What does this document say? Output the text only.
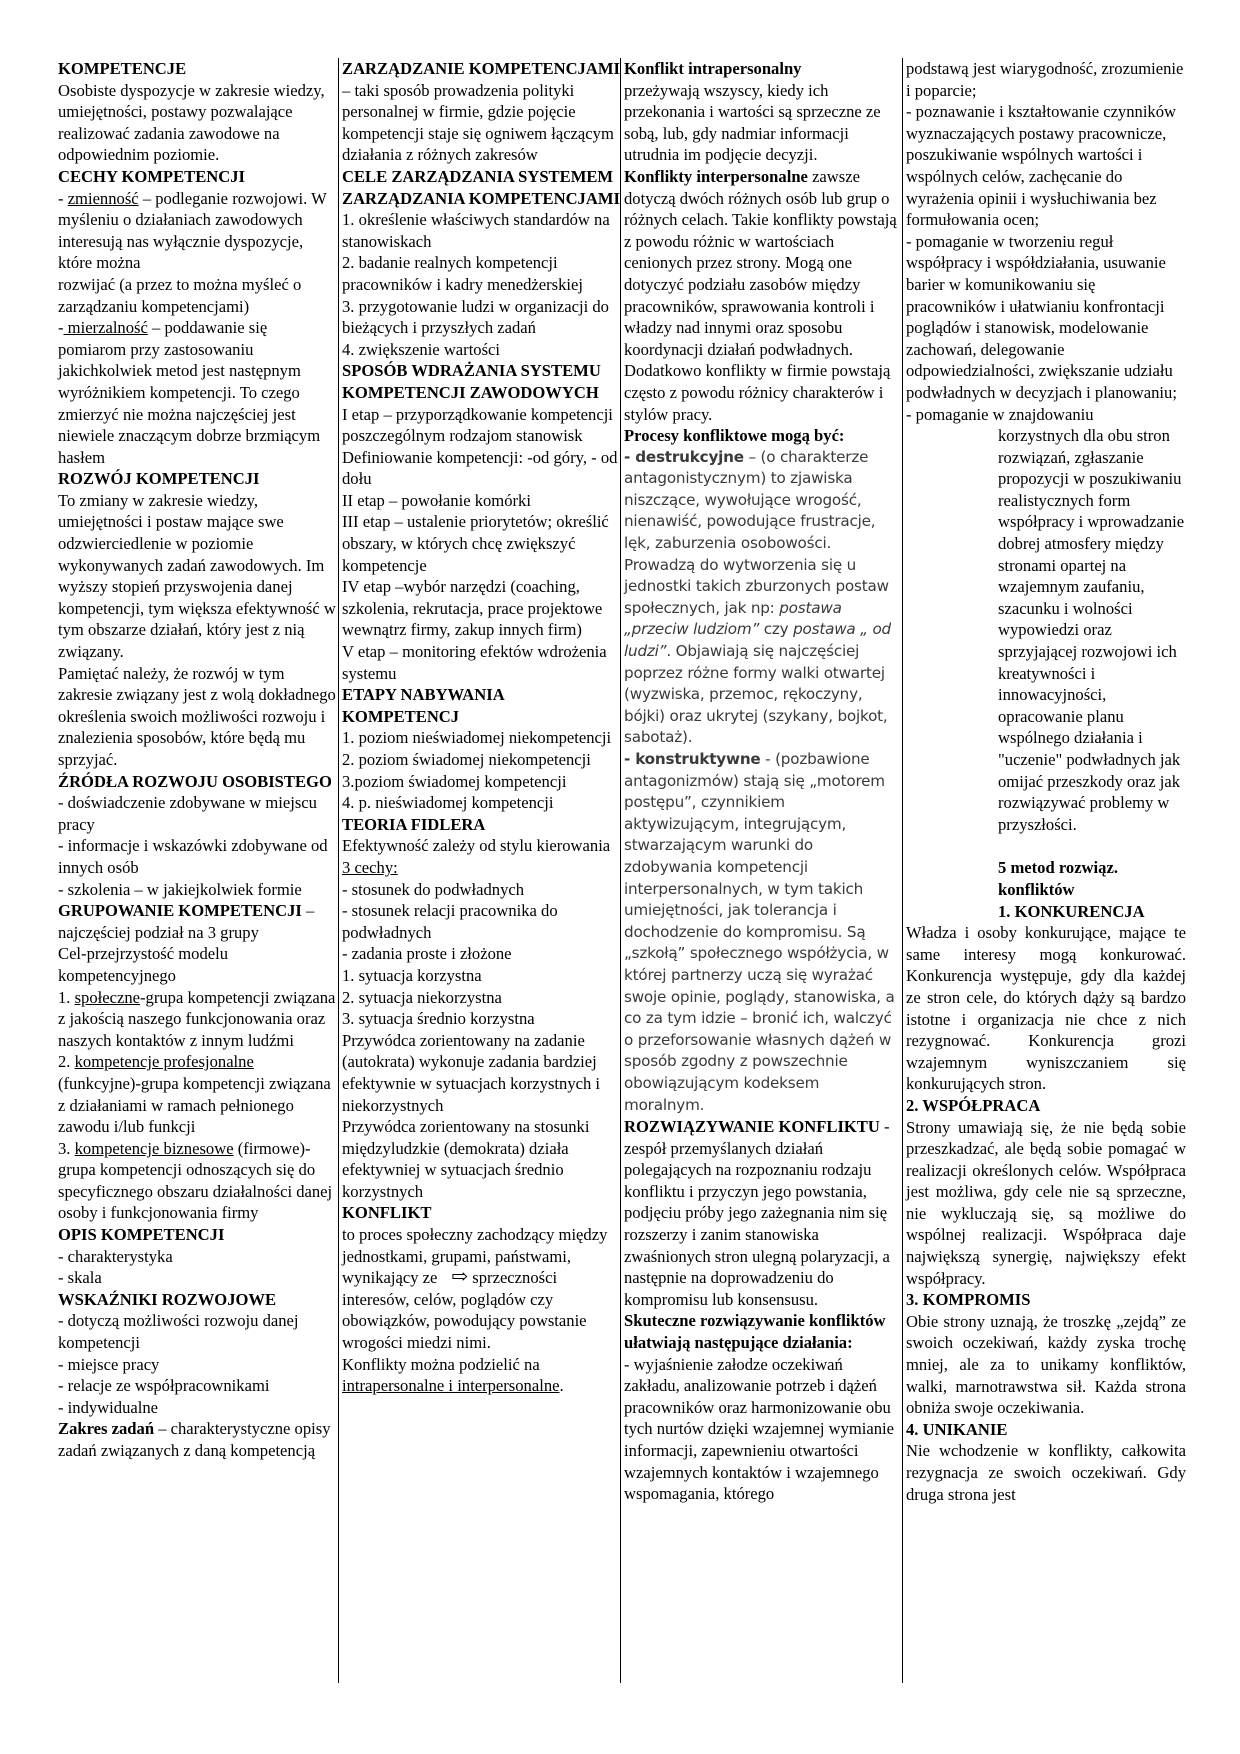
KOMPETENCJE
Osobiste dyspozycje w zakresie wiedzy, umiejętności, postawy pozwalające realizować zadania zawodowe na odpowiednim poziomie.
CECHY KOMPETENCJI
- zmienność – podleganie rozwojowi. W myśleniu o działaniach zawodowych interesują nas wyłącznie dyspozycje, które można
rozwijać (a przez to można myśleć o zarządzaniu kompetencjami)
- mierzalność – poddawanie się pomiarom przy zastosowaniu jakichkolwiek metod jest następnym wyróżnikiem kompetencji. To czego zmierzyć nie można najczęściej jest niewiele znaczącym dobrze brzmiącym hasłem
ROZWÓJ KOMPETENCJI
To zmiany w zakresie wiedzy, umiejętności i postaw mające swe odzwierciedlenie w poziomie wykonywanych zadań zawodowych. Im wyższy stopień przyswojenia danej kompetencji, tym większa efektywność w tym obszarze działań, który jest z nią związany.
Pamiętać należy, że rozwój w tym zakresie związany jest z wolą dokładnego określenia swoich możliwości rozwoju i znalezienia sposobów, które będą mu sprzyjać.
ŹRÓDŁA ROZWOJU OSOBISTEGO
- doświadczenie zdobywane w miejscu pracy
- informacje i wskazówki zdobywane od innych osób
- szkolenia – w jakiejkolwiek formie
GRUPOWANIE KOMPETENCJI – najczęściej podział na 3 grupy
Cel-przejrzystość modelu kompetencyjnego
1. społeczne-grupa kompetencji związana z jakością naszego funkcjonowania oraz naszych kontaktów z innym ludźmi
2. kompetencje profesjonalne (funkcyjne)-grupa kompetencji związana z działaniami w ramach pełnionego zawodu i/lub funkcji
3. kompetencje biznesowe (firmowe)-grupa kompetencji odnoszących się do specyficznego obszaru działalności danej osoby i funkcjonowania firmy
OPIS KOMPETENCJI
- charakterystyka
- skala
WSKAŹNIKI ROZWOJOWE
- dotyczą możliwości rozwoju danej kompetencji
- miejsce pracy
- relacje ze współpracownikami
- indywidualne
Zakres zadań – charakterystyczne opisy zadań związanych z daną kompetencją
ZARZĄDZANIE KOMPETENCJAMI – taki sposób prowadzenia polityki personalnej w firmie, gdzie pojęcie kompetencji staje się ogniwem łączącym działania z różnych zakresów
CELE ZARZĄDZANIA SYSTEMEM ZARZĄDZANIA KOMPETENCJAMI
1. określenie właściwych standardów na stanowiskach
2. badanie realnych kompetencji pracowników i kadry menedżerskiej
3. przygotowanie ludzi w organizacji do bieżących i przyszłych zadań
4. zwiększenie wartości
SPOSÓB WDRAŻANIA SYSTEMU KOMPETENCJI ZAWODOWYCH
I etap – przyporządkowanie kompetencji poszczególnym rodzajom stanowisk
Definiowanie kompetencji: -od góry, - od dołu
II etap – powołanie komórki
III etap – ustalenie priorytetów; określić obszary, w których chcę zwiększyć kompetencje
IV etap –wybór narzędzi (coaching, szkolenia, rekrutacja, prace projektowe wewnątrz firmy, zakup innych firm)
V etap – monitoring efektów wdrożenia systemu
ETAPY NABYWANIA KOMPETENCJ
1. poziom nieświadomej niekompetencji
2. poziom świadomej niekompetencji
3.poziom świadomej kompetencji
4. p. nieświadomej kompetencji
TEORIA FIDLERA
Efektywność zależy od stylu kierowania
3 cechy:
- stosunek do podwładnych
- stosunek relacji pracownika do podwładnych
- zadania proste i złożone
1. sytuacja korzystna
2. sytuacja niekorzystna
3. sytuacja średnio korzystna
Przywódca zorientowany na zadanie (autokrata) wykonuje zadania bardziej efektywnie w sytuacjach korzystnych i niekorzystnych
Przywódca zorientowany na stosunki międzyludzkie (demokrata) działa efektywniej w sytuacjach średnio korzystnych
KONFLIKT
to proces społeczny zachodzący między jednostkami, grupami, państwami, wynikający ze ⇨ sprzeczności interesów, celów, poglądów czy obowiązków, powodujący powstanie wrogości miedzi nimi.
Konflikty można podzielić na intrapersonalne i interpersonalne.
Konflikt intrapersonalny
przeżywają wszyscy, kiedy ich przekonania i wartości są sprzeczne ze sobą, lub, gdy nadmiar informacji utrudnia im podjęcie decyzji.
Konflikty interpersonalne zawsze dotyczą dwóch różnych osób lub grup o różnych celach. Takie konflikty powstają z powodu różnic w wartościach cenionych przez strony. Mogą one dotyczyć podziału zasobów między pracowników, sprawowania kontroli i władzy nad innymi oraz sposobu koordynacji działań podwładnych. Dodatkowo konflikty w firmie powstają często z powodu różnicy charakterów i stylów pracy.
Procesy konfliktowe mogą być:
- destrukcyjne – (o charakterze antagonistycznym) to zjawiska niszczące, wywołujące wrogość, nienawiść, powodujące frustracje, lęk, zaburzenia osobowości. Prowadzą do wytworzenia się u jednostki takich zburzonych postaw społecznych, jak np: postawa „przeciw ludziom” czy postawa „ od ludzi”. Objawiają się najczęściej poprzez różne formy walki otwartej (wyzwiska, przemoc, rękoczyny, bójki) oraz ukrytej (szykany, bojkot, sabotaż).
- konstruktywne - (pozbawione antagonizmów) stają się „motorem postępu”, czynnikiem aktywizującym, integrującym, stwarzającym warunki do zdobywania kompetencji interpersonalnych, w tym takich umiejętności, jak tolerancja i dochodzenie do kompromisu. Są „szkołą” społecznego współżycia, w której partnerzy uczą się wyrażać swoje opinie, poglądy, stanowiska, a co za tym idzie – bronić ich, walczyć o przeforsowanie własnych dążeń w sposób zgodny z powszechnie obowiązującym kodeksem moralnym.
ROZWIĄZYWANIE KONFLIKTU - zespół przemyślanych działań polegających na rozpoznaniu rodzaju konfliktu i przyczyn jego powstania, podjęciu próby jego zażegnania nim się rozszerzy i zanim stanowiska zwaśnionych stron ulegną polaryzacji, a następnie na doprowadzeniu do kompromisu lub konsensusu.
Skuteczne rozwiązywanie konfliktów ułatwiają następujące działania:
- wyjaśnienie załodze oczekiwań zakładu, analizowanie potrzeb i dążeń pracowników oraz harmonizowanie obu tych nurtów dzięki wzajemnej wymianie informacji, zapewnieniu otwartości wzajemnych kontaktów i wzajemnego wspomagania, którego
podstawą jest wiarygodność, zrozumienie i poparcie;
- poznawanie i kształtowanie czynników wyznaczających postawy pracownicze, poszukiwanie wspólnych wartości i wspólnych celów, zachęcanie do wyrażenia opinii i wysłuchiwania bez formułowania ocen;
- pomaganie w tworzeniu reguł współpracy i współdziałania, usuwanie barier w komunikowaniu się pracowników i ułatwianiu konfrontacji poglądów i stanowisk, modelowanie zachowań, delegowanie odpowiedzialności, zwiększanie udziału podwładnych w decyzjach i planowaniu;
- pomaganie w znajdowaniu
korzystnych dla obu stron rozwiązań, zgłaszanie propozycji w poszukiwaniu realistycznych form współpracy i wprowadzanie dobrej atmosfery między stronami opartej na wzajemnym zaufaniu, szacunku i wolności wypowiedzi oraz sprzyjającej rozwojowi ich kreatywności i innowacyjności, opracowanie planu wspólnego działania i "uczenie" podwładnych jak omijać przeszkody oraz jak rozwiązywać problemy w przyszłości.
5 metod rozwiąz. konfliktów
1. KONKURENCJA
Władza i osoby konkurujące, mające te same interesy mogą konkurować. Konkurencja występuje, gdy dla każdej ze stron cele, do których dąży są bardzo istotne i organizacja nie chce z nich rezygnować. Konkurencja grozi wzajemnym wyniszczaniem się konkurujących stron.
2. WSPÓŁPRACA
Strony umawiają się, że nie będą sobie przeszkadzać, ale będą sobie pomagać w realizacji określonych celów. Współpraca jest możliwa, gdy cele nie są sprzeczne, nie wykluczają się, są możliwe do wspólnej realizacji. Współpraca daje największą synergię, największy efekt współpracy.
3. KOMPROMIS
Obie strony uznają, że troszkę „zejdą” ze swoich oczekiwań, każdy zyska trochę mniej, ale za to unikamy konfliktów, walki, marnotrawstwa sił. Każda strona obniża swoje oczekiwania.
4. UNIKANIE
Nie wchodzenie w konflikty, całkowita rezygnacja ze swoich oczekiwań. Gdy druga strona jest
